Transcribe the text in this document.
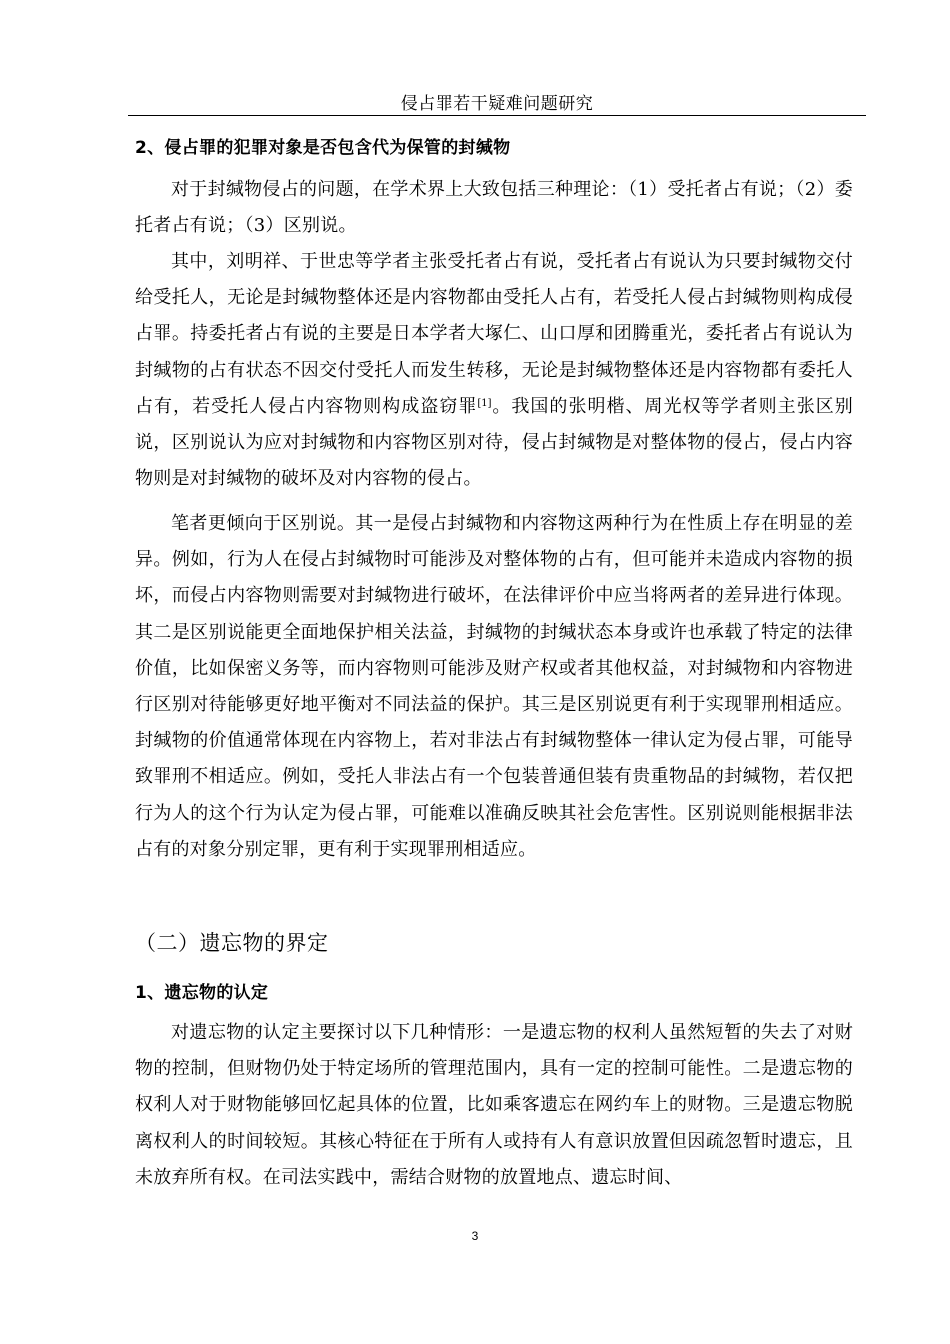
侵占罪若干疑难问题研究
2、侵占罪的犯罪对象是否包含代为保管的封缄物

对于封缄物侵占的问题，在学术界上大致包括三种理论：（1）受托者占有说；（2）委托者占有说；（3）区别说。

其中，刘明祥、于世忠等学者主张受托者占有说，受托者占有说认为只要封缄物交付给受托人，无论是封缄物整体还是内容物都由受托人占有，若受托人侵占封缄物则构成侵占罪。持委托者占有说的主要是日本学者大塚仁、山口厚和团腾重光，委托者占有说认为封缄物的占有状态不因交付受托人而发生转移，无论是封缄物整体还是内容物都有委托人占有，若受托人侵占内容物则构成盗窃罪[1]。我国的张明楷、周光权等学者则主张区别说，区别说认为应对封缄物和内容物区别对待，侵占封缄物是对整体物的侵占，侵占内容物则是对封缄物的破坏及对内容物的侵占。

笔者更倾向于区别说。其一是侵占封缄物和内容物这两种行为在性质上存在明显的差异。例如，行为人在侵占封缄物时可能涉及对整体物的占有，但可能并未造成内容物的损坏，而侵占内容物则需要对封缄物进行破坏，在法律评价中应当将两者的差异进行体现。其二是区别说能更全面地保护相关法益，封缄物的封缄状态本身或许也承载了特定的法律价值，比如保密义务等，而内容物则可能涉及财产权或者其他权益，对封缄物和内容物进行区别对待能够更好地平衡对不同法益的保护。其三是区别说更有利于实现罪刑相适应。封缄物的价值通常体现在内容物上，若对非法占有封缄物整体一律认定为侵占罪，可能导致罪刑不相适应。例如，受托人非法占有一个包装普通但装有贵重物品的封缄物，若仅把行为人的这个行为认定为侵占罪，可能难以准确反映其社会危害性。区别说则能根据非法占有的对象分别定罪，更有利于实现罪刑相适应。

（二）遗忘物的界定
1、遗忘物的认定

对遗忘物的认定主要探讨以下几种情形：一是遗忘物的权利人虽然短暂的失去了对财物的控制，但财物仍处于特定场所的管理范围内，具有一定的控制可能性。二是遗忘物的权利人对于财物能够回忆起具体的位置，比如乘客遗忘在网约车上的财物。三是遗忘物脱离权利人的时间较短。其核心特征在于所有人或持有人有意识放置但因疏忽暂时遗忘，且未放弃所有权。在司法实践中，需结合财物的放置地点、遗忘时间、

3
